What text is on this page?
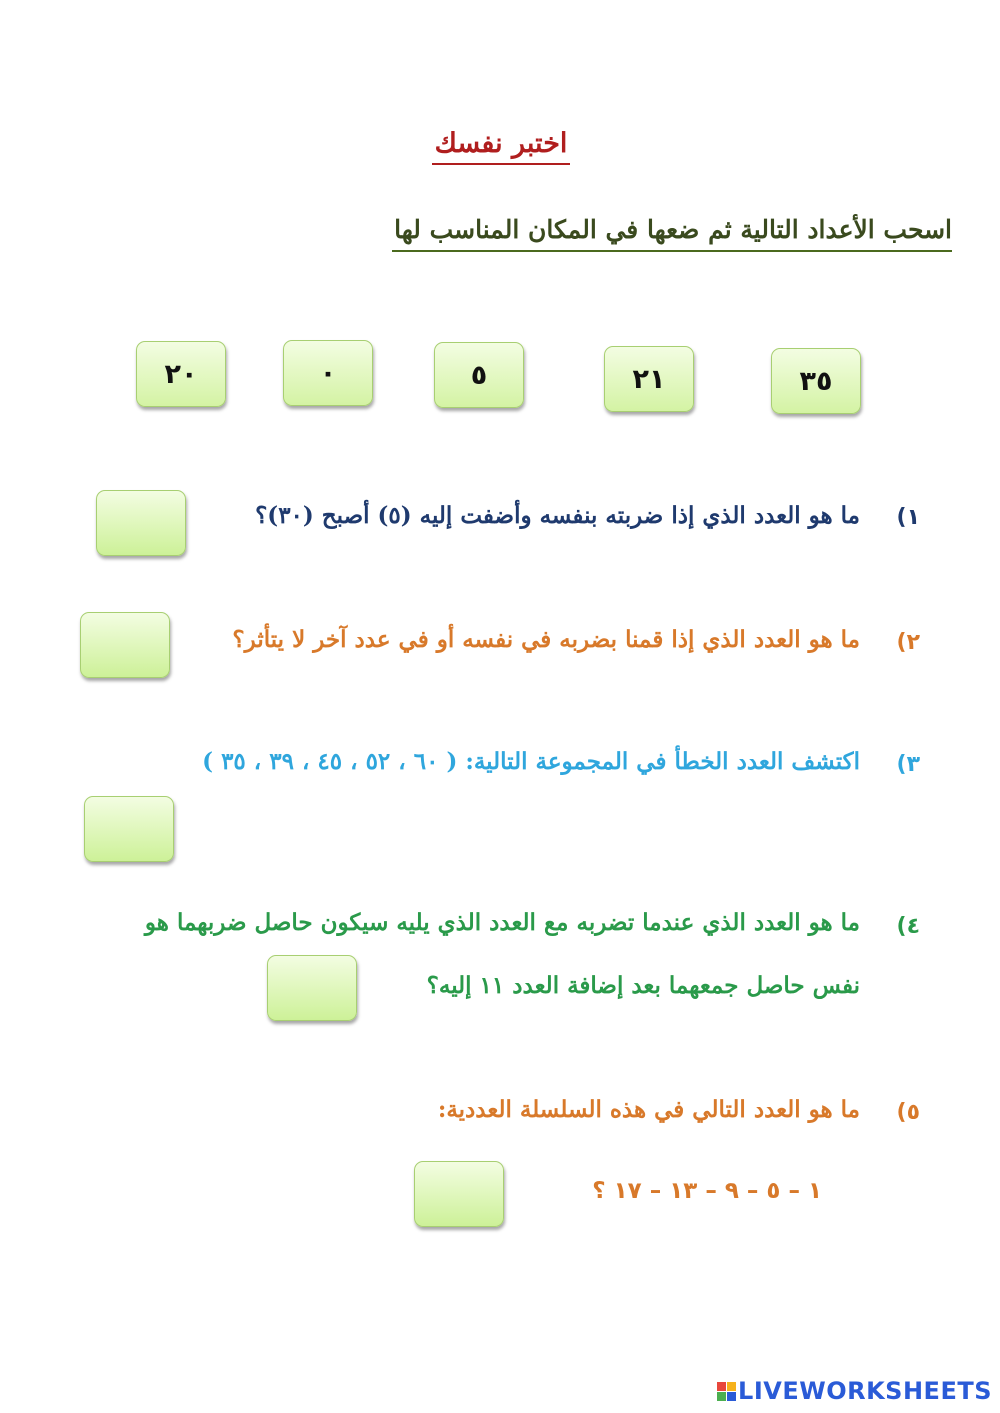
اختبر نفسك
اسحب الأعداد التالية ثم ضعها في المكان المناسب لها
٣٥
٢١
٥
٠
٢٠
١)
ما هو العدد الذي إذا ضربته بنفسه وأضفت إليه (٥) أصبح (٣٠)؟
٢)
ما هو العدد الذي إذا قمنا بضربه في نفسه أو في عدد آخر لا يتأثر؟
٣)
اكتشف العدد الخطأ في المجموعة التالية: ( ٦٠ ، ٥٢ ، ٤٥ ، ٣٩ ، ٣٥ )
٤)
ما هو العدد الذي عندما تضربه مع العدد الذي يليه سيكون حاصل ضربهما هو
نفس حاصل جمعهما بعد إضافة العدد ١١ إليه؟
٥)
ما هو العدد التالي في هذه السلسلة العددية:
١ – ٥ – ٩ – ١٣ – ١٧ ؟
LIVEWORKSHEETS
